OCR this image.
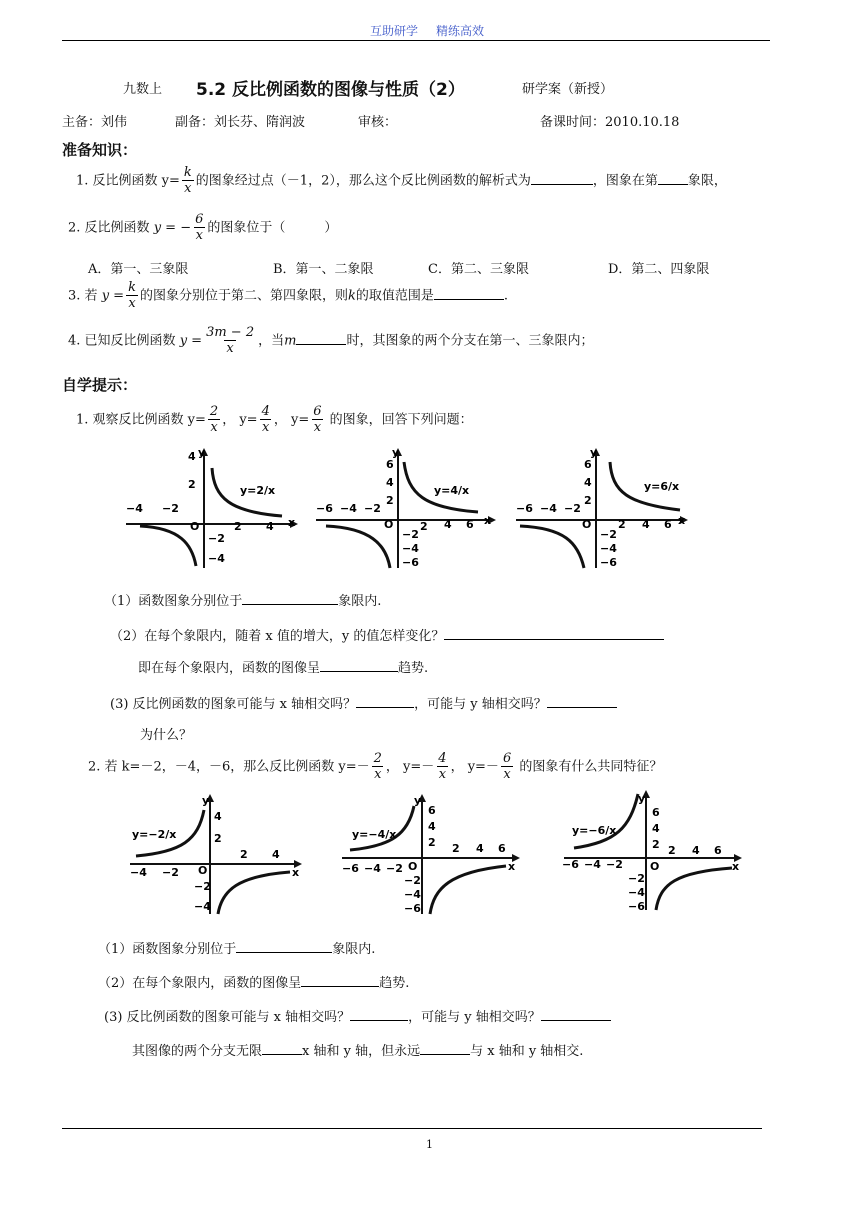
互助研学 精练高效
九数上 5.2 反比例函数的图像与性质（2）	研学案（新授）
主备：刘伟	副备：刘长芬、隋润波	审核：	备课时间：2010.10.18
准备知识：
1. 反比例函数 $y= \frac{k}{x}$ 的图象经过点（－1，2），那么这个反比例函数的解析式为	，图象在第 象限，
2. 反比例函数 y = − $\frac{6}{x}$ 的图象位于（　　　）
A．第一、三象限	B．第一、二象限	C．第二、三象限	D．第二、四象限
3. 若 $y = \frac{k}{x}$ 的图象分别位于第二、第四象限，则k的取值范围是	.
4. 已知反比例函数 $y = \frac{3m - 2}{x}$ ，当m	时，其图象的两个分支在第一、三象限内；
自学提示：
1. 观察反比例函数 $y= \frac{2}{x}$ ， $y= \frac{4}{x}$ ， $y= \frac{6}{x}$ 的图象，回答下列问题：
y
x
O
y=2/x
−4 −2
2 4
4
2
−2
−4
y
x
O
y=4/x
−6 −4 −2
2 4 6
6
4
2
−2
−4
−6
y
x
O
y=6/x
−6 −4 −2
2 4 6
6
4
2
−2
−4
−6
（1）函数图象分别位于	象限内.
（2）在每个象限内，随着 x 值的增大，y 的值怎样变化？
即在每个象限内，函数的图像呈	趋势.
(3) 反比例函数的图象可能与 x 轴相交吗？	，可能与 y 轴相交吗？
为什么？
2. 若 k=－2，－4，－6，那么反比例函数 $y=- \frac{2}{x}$ ， $y=- \frac{4}{x}$ ， $y=- \frac{6}{x}$ 的图象有什么共同特征？
y
x
O
y=−2/x
−4 −2
2 4
4
2
−2
−4
y
x
O
y=−4/x
−6 −4 −2
2 4 6
6
4
2
−2
−4
−6
y
x
O
y=−6/x
−6 −4 −2
2 4 6
6
4
2
−2
−4
−6
（1）函数图象分别位于	象限内.
（2）在每个象限内，函数的图像呈	趋势.
(3) 反比例函数的图象可能与 x 轴相交吗？	，可能与 y 轴相交吗？
其图像的两个分支无限	x 轴和 y 轴，但永远	与 x 轴和 y 轴相交.
1
